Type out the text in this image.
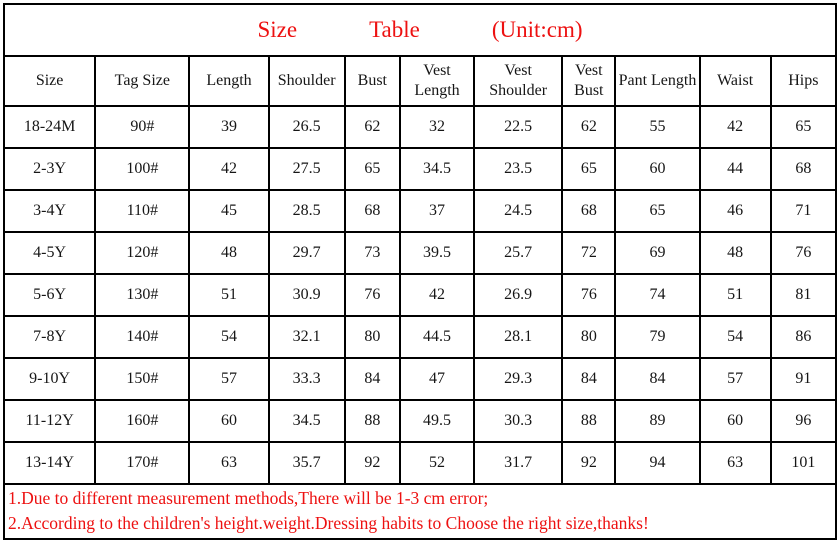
Size Table (Unit:cm)										

Size	Tag Size	Length	Shoulder	Bust	Vest Length	Vest Shoulder	Vest Bust	Pant Length	Waist	Hips
18-24M	90#	39	26.5	62	32	22.5	62	55	42	65
2-3Y	100#	42	27.5	65	34.5	23.5	65	60	44	68
3-4Y	110#	45	28.5	68	37	24.5	68	65	46	71
4-5Y	120#	48	29.7	73	39.5	25.7	72	69	48	76
5-6Y	130#	51	30.9	76	42	26.9	76	74	51	81
7-8Y	140#	54	32.1	80	44.5	28.1	80	79	54	86
9-10Y	150#	57	33.3	84	47	29.3	84	84	57	91
11-12Y	160#	60	34.5	88	49.5	30.3	88	89	60	96
13-14Y	170#	63	35.7	92	52	31.7	92	94	63	101

1.Due to different measurement methods,There will be 1-3 cm error;
2.According to the children's height.weight.Dressing habits to Choose the right size,thanks!										
